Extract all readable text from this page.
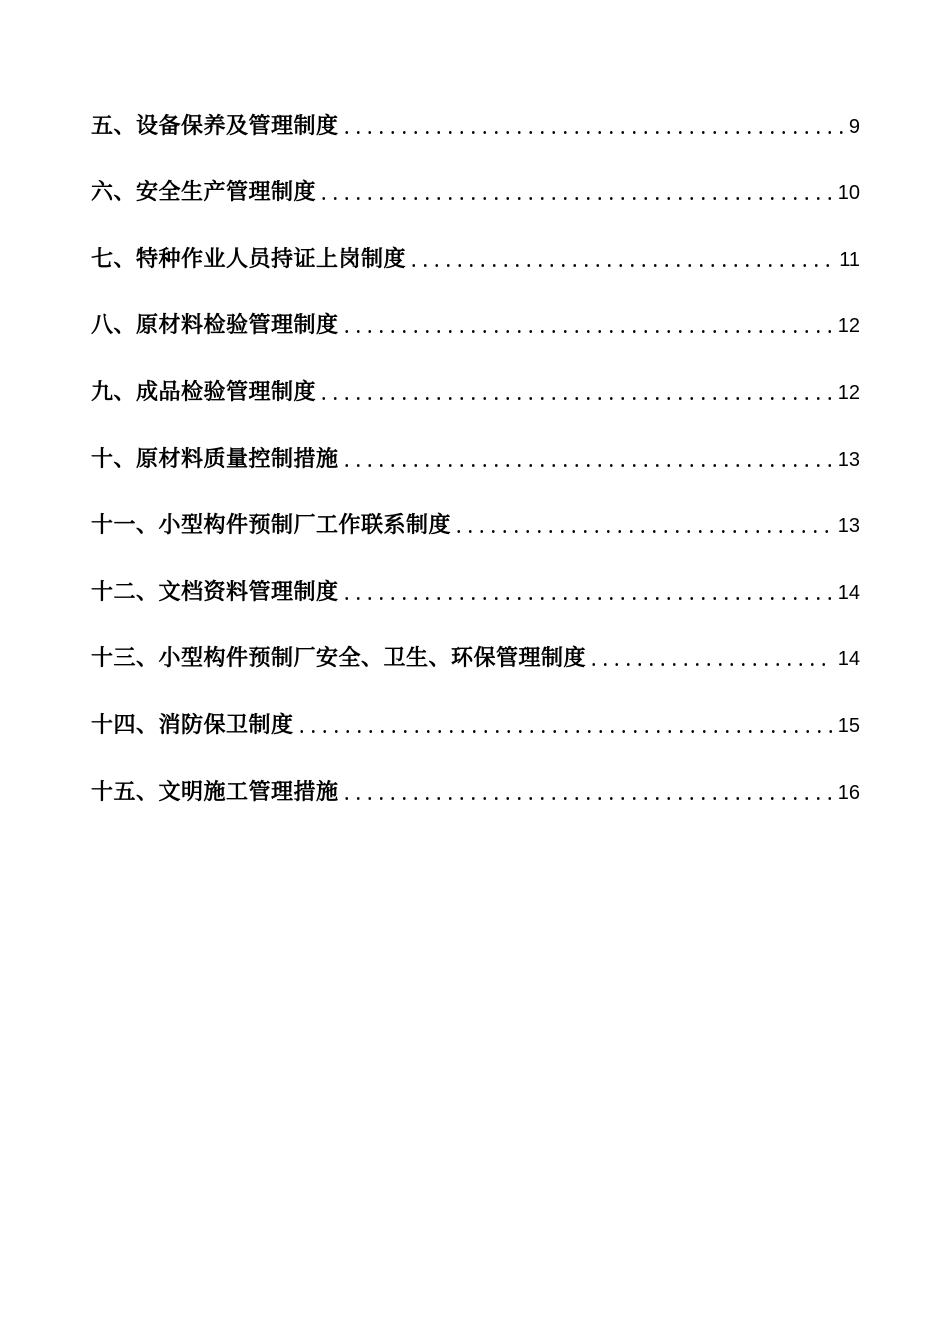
五、设备保养及管理制度	9
六、安全生产管理制度	10
七、特种作业人员持证上岗制度	11
八、原材料检验管理制度	12
九、成品检验管理制度	12
十、原材料质量控制措施	13
十一、小型构件预制厂工作联系制度	13
十二、文档资料管理制度	14
十三、小型构件预制厂安全、卫生、环保管理制度	14
十四、消防保卫制度	15
十五、文明施工管理措施	16
